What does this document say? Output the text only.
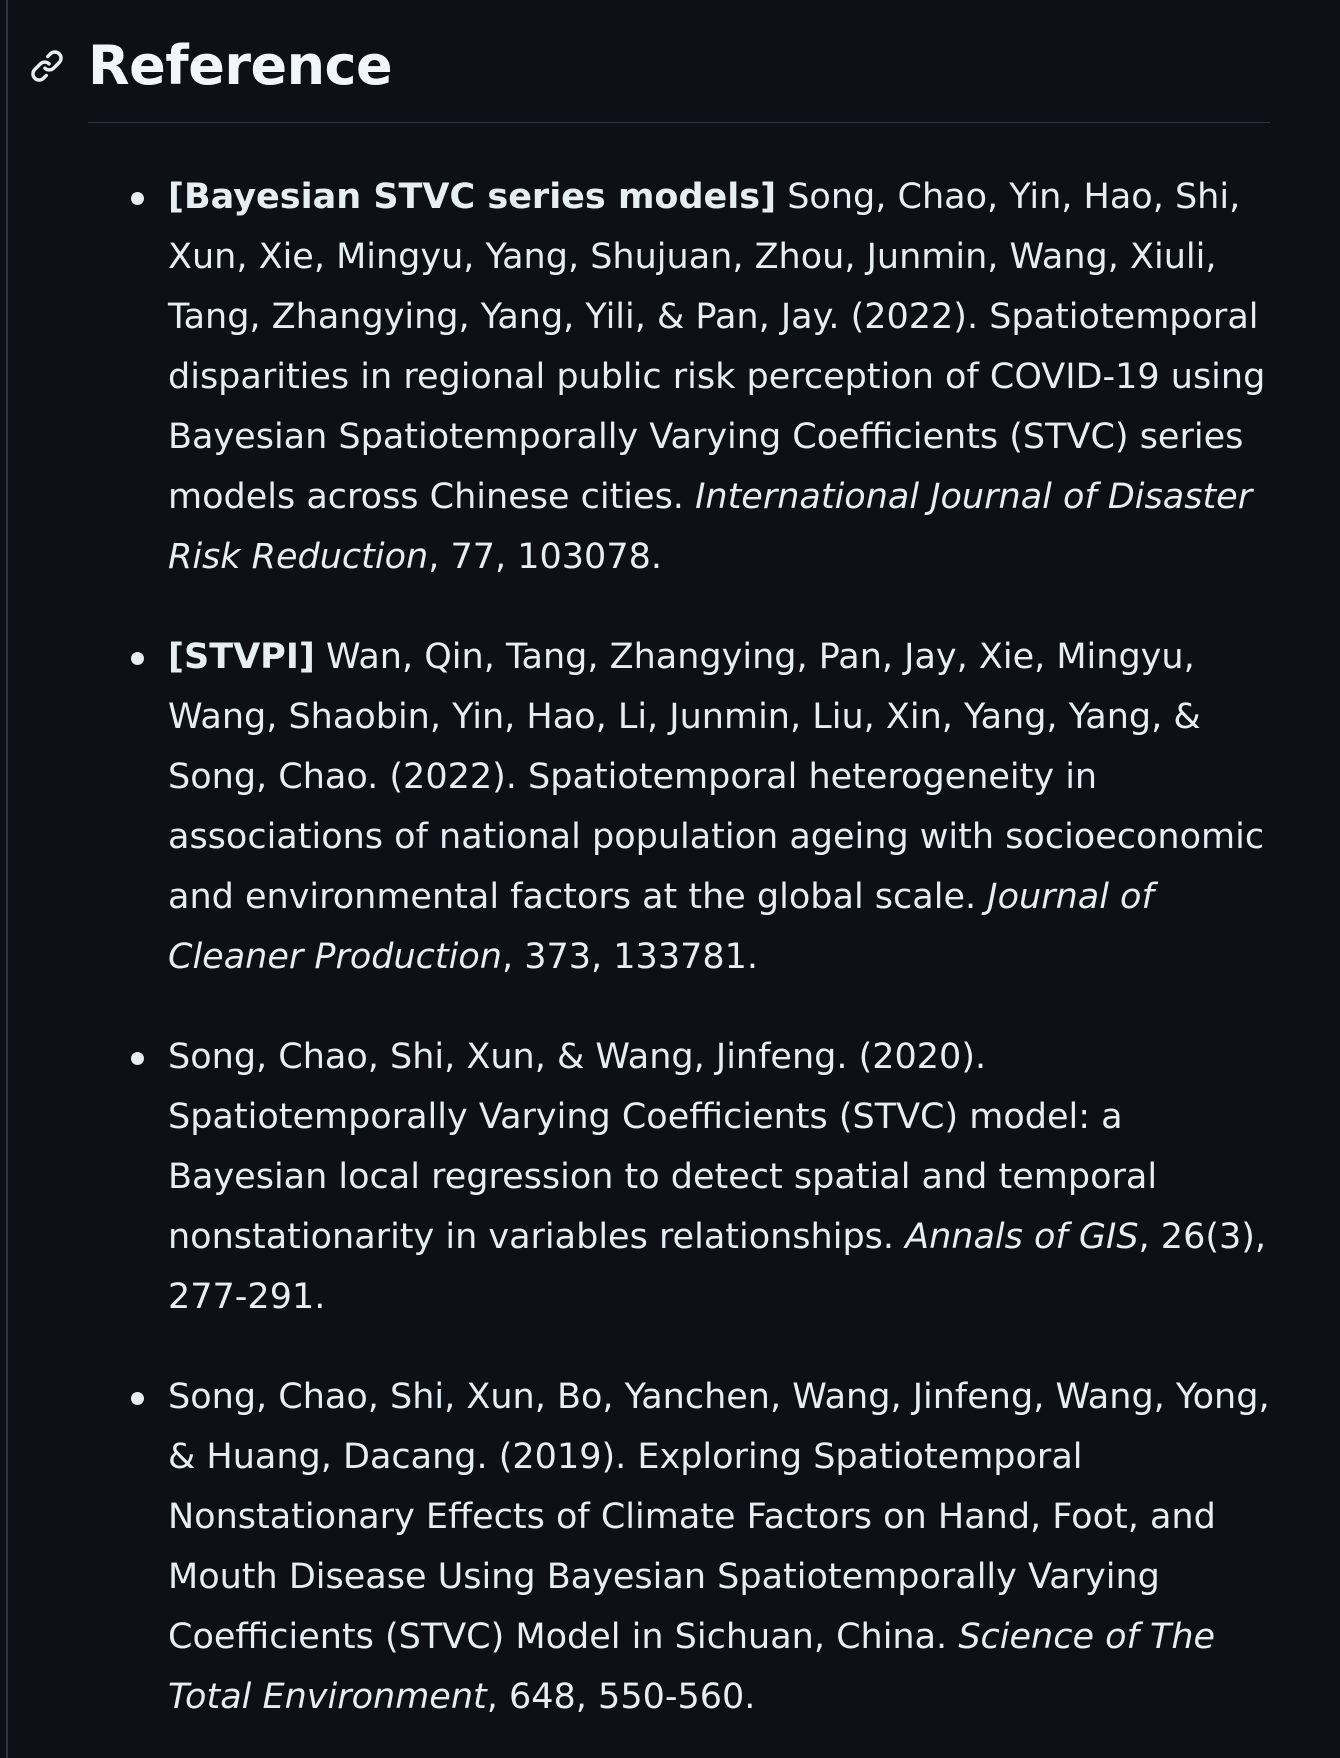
Reference
[Bayesian STVC series models] Song, Chao, Yin, Hao, Shi, Xun, Xie, Mingyu, Yang, Shujuan, Zhou, Junmin, Wang, Xiuli, Tang, Zhangying, Yang, Yili, & Pan, Jay. (2022). Spatiotemporal disparities in regional public risk perception of COVID-19 using Bayesian Spatiotemporally Varying Coefficients (STVC) series models across Chinese cities. International Journal of Disaster Risk Reduction, 77, 103078.
[STVPI] Wan, Qin, Tang, Zhangying, Pan, Jay, Xie, Mingyu, Wang, Shaobin, Yin, Hao, Li, Junmin, Liu, Xin, Yang, Yang, & Song, Chao. (2022). Spatiotemporal heterogeneity in associations of national population ageing with socioeconomic and environmental factors at the global scale. Journal of Cleaner Production, 373, 133781.
Song, Chao, Shi, Xun, & Wang, Jinfeng. (2020). Spatiotemporally Varying Coefficients (STVC) model: a Bayesian local regression to detect spatial and temporal nonstationarity in variables relationships. Annals of GIS, 26(3), 277-291.
Song, Chao, Shi, Xun, Bo, Yanchen, Wang, Jinfeng, Wang, Yong, & Huang, Dacang. (2019). Exploring Spatiotemporal Nonstationary Effects of Climate Factors on Hand, Foot, and Mouth Disease Using Bayesian Spatiotemporally Varying Coefficients (STVC) Model in Sichuan, China. Science of The Total Environment, 648, 550-560.
